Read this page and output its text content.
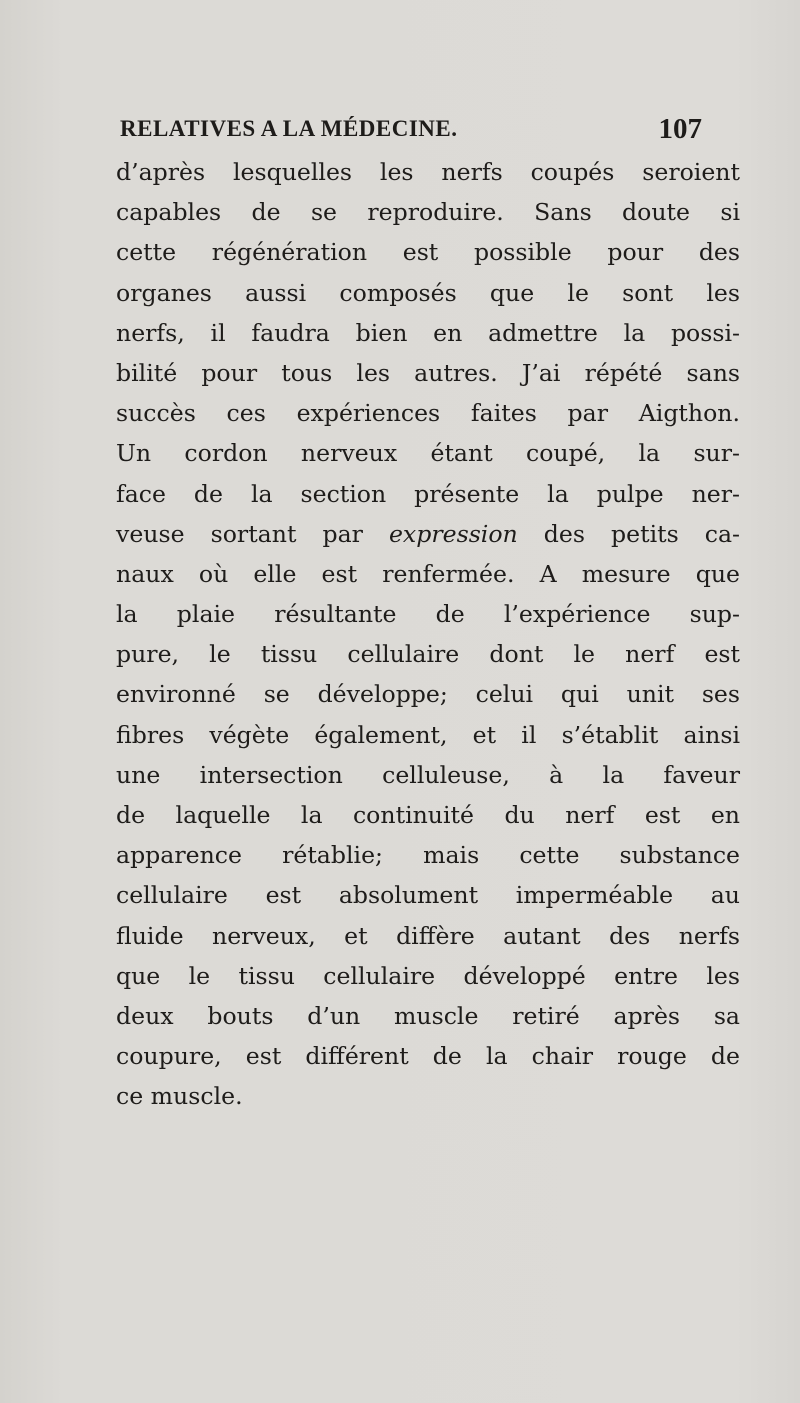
RELATIVES A LA MÉDECINE.	107
d’après lesquelles les nerfs coupés seroient
capables de se reproduire. Sans doute si
cette régénération est possible pour des
organes aussi composés que le sont les
nerfs, il faudra bien en admettre la possi-
bilité pour tous les autres. J’ai répété sans
succès ces expériences faites par Aigthon.
Un cordon nerveux étant coupé, la sur-
face de la section présente la pulpe ner-
veuse sortant par expression des petits ca-
naux où elle est renfermée. A mesure que
la plaie résultante de l’expérience sup-
pure, le tissu cellulaire dont le nerf est
environné se développe; celui qui unit ses
fibres végète également, et il s’établit ainsi
une intersection celluleuse, à la faveur
de laquelle la continuité du nerf est en
apparence rétablie; mais cette substance
cellulaire est absolument imperméable au
fluide nerveux, et diffère autant des nerfs
que le tissu cellulaire développé entre les
deux bouts d’un muscle retiré après sa
coupure, est différent de la chair rouge de
ce muscle.
